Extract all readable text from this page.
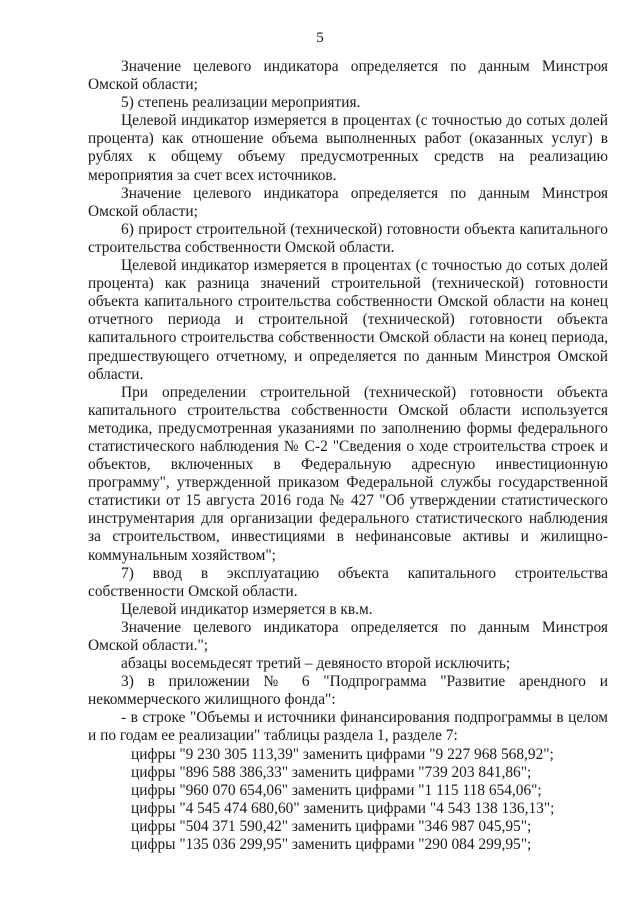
5

Значение целевого индикатора определяется по данным Минстроя Омской области;

5) степень реализации мероприятия.

Целевой индикатор измеряется в процентах (с точностью до сотых долей процента) как отношение объема выполненных работ (оказанных услуг) в рублях к общему объему предусмотренных средств на реализацию мероприятия за счет всех источников.

Значение целевого индикатора определяется по данным Минстроя Омской области;

6) прирост строительной (технической) готовности объекта капитального строительства собственности Омской области.

Целевой индикатор измеряется в процентах (с точностью до сотых долей процента) как разница значений строительной (технической) готовности объекта капитального строительства собственности Омской области на конец отчетного периода и строительной (технической) готовности объекта капитального строительства собственности Омской области на конец периода, предшествующего отчетному, и определяется по данным Минстроя Омской области.

При определении строительной (технической) готовности объекта капитального строительства собственности Омской области используется методика, предусмотренная указаниями по заполнению формы федерального статистического наблюдения № С-2 "Сведения о ходе строительства строек и объектов, включенных в Федеральную адресную инвестиционную программу", утвержденной приказом Федеральной службы государственной статистики от 15 августа 2016 года № 427 "Об утверждении статистического инструментария для организации федерального статистического наблюдения за строительством, инвестициями в нефинансовые активы и жилищно-коммунальным хозяйством";

7) ввод в эксплуатацию объекта капитального строительства собственности Омской области.

Целевой индикатор измеряется в кв.м.

Значение целевого индикатора определяется по данным Минстроя Омской области.";

абзацы восемьдесят третий – девяносто второй исключить;

3) в приложении № 6 "Подпрограмма "Развитие арендного и некоммерческого жилищного фонда":

- в строке "Объемы и источники финансирования подпрограммы в целом и по годам ее реализации" таблицы раздела 1, разделе 7:

цифры "9 230 305 113,39" заменить цифрами "9 227 968 568,92";
цифры "896 588 386,33" заменить цифрами "739 203 841,86";
цифры "960 070 654,06" заменить цифрами "1 115 118 654,06";
цифры "4 545 474 680,60" заменить цифрами "4 543 138 136,13";
цифры "504 371 590,42" заменить цифрами "346 987 045,95";
цифры "135 036 299,95" заменить цифрами "290 084 299,95";
